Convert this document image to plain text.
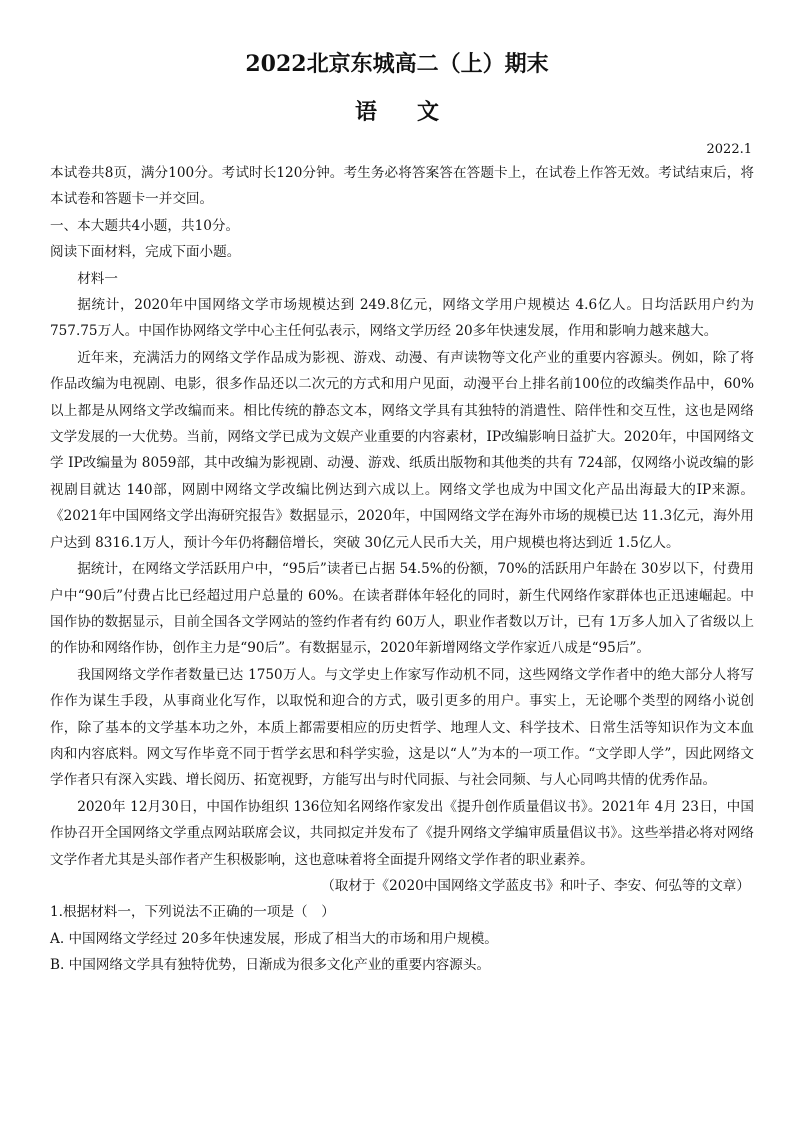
2022北京东城高二（上）期末
语文
2022.1

本试卷共8页，满分100分。考试时长120分钟。考生务必将答案答在答题卡上，在试卷上作答无效。考试结束后，将本试卷和答题卡一并交回。

一、本大题共4小题，共10分。

阅读下面材料，完成下面小题。

材料一

据统计，2020年中国网络文学市场规模达到 249.8亿元，网络文学用户规模达 4.6亿人。日均活跃用户约为757.75万人。中国作协网络文学中心主任何弘表示，网络文学历经 20多年快速发展，作用和影响力越来越大。

近年来，充满活力的网络文学作品成为影视、游戏、动漫、有声读物等文化产业的重要内容源头。例如，除了将作品改编为电视剧、电影，很多作品还以二次元的方式和用户见面，动漫平台上排名前100位的改编类作品中，60%以上都是从网络文学改编而来。相比传统的静态文本，网络文学具有其独特的消遣性、陪伴性和交互性，这也是网络文学发展的一大优势。当前，网络文学已成为文娱产业重要的内容素材，IP改编影响日益扩大。2020年，中国网络文学 IP改编量为 8059部，其中改编为影视剧、动漫、游戏、纸质出版物和其他类的共有 724部，仅网络小说改编的影视剧目就达 140部，网剧中网络文学改编比例达到六成以上。网络文学也成为中国文化产品出海最大的IP来源。《2021年中国网络文学出海研究报告》数据显示，2020年，中国网络文学在海外市场的规模已达 11.3亿元，海外用户达到 8316.1万人，预计今年仍将翻倍增长，突破 30亿元人民币大关，用户规模也将达到近 1.5亿人。

据统计，在网络文学活跃用户中，“95后”读者已占据 54.5%的份额，70%的活跃用户年龄在 30岁以下，付费用户中“90后”付费占比已经超过用户总量的 60%。在读者群体年轻化的同时，新生代网络作家群体也正迅速崛起。中国作协的数据显示，目前全国各文学网站的签约作者有约 60万人，职业作者数以万计，已有 1万多人加入了省级以上的作协和网络作协，创作主力是“90后”。有数据显示，2020年新增网络文学作家近八成是“95后”。

我国网络文学作者数量已达 1750万人。与文学史上作家写作动机不同，这些网络文学作者中的绝大部分人将写作作为谋生手段，从事商业化写作，以取悦和迎合的方式，吸引更多的用户。事实上，无论哪个类型的网络小说创作，除了基本的文学基本功之外，本质上都需要相应的历史哲学、地理人文、科学技术、日常生活等知识作为文本血肉和内容底料。网文写作毕竟不同于哲学玄思和科学实验，这是以“人”为本的一项工作。“文学即人学”，因此网络文学作者只有深入实践、增长阅历、拓宽视野，方能写出与时代同振、与社会同频、与人心同鸣共情的优秀作品。

2020年 12月30日，中国作协组织 136位知名网络作家发出《提升创作质量倡议书》。2021年 4月 23日，中国作协召开全国网络文学重点网站联席会议，共同拟定并发布了《提升网络文学编审质量倡议书》。这些举措必将对网络文学作者尤其是头部作者产生积极影响，这也意味着将全面提升网络文学作者的职业素养。

（取材于《2020中国网络文学蓝皮书》和叶子、李安、何弘等的文章）

1.根据材料一，下列说法不正确的一项是（　）

A. 中国网络文学经过 20多年快速发展，形成了相当大的市场和用户规模。

B. 中国网络文学具有独特优势，日渐成为很多文化产业的重要内容源头。
